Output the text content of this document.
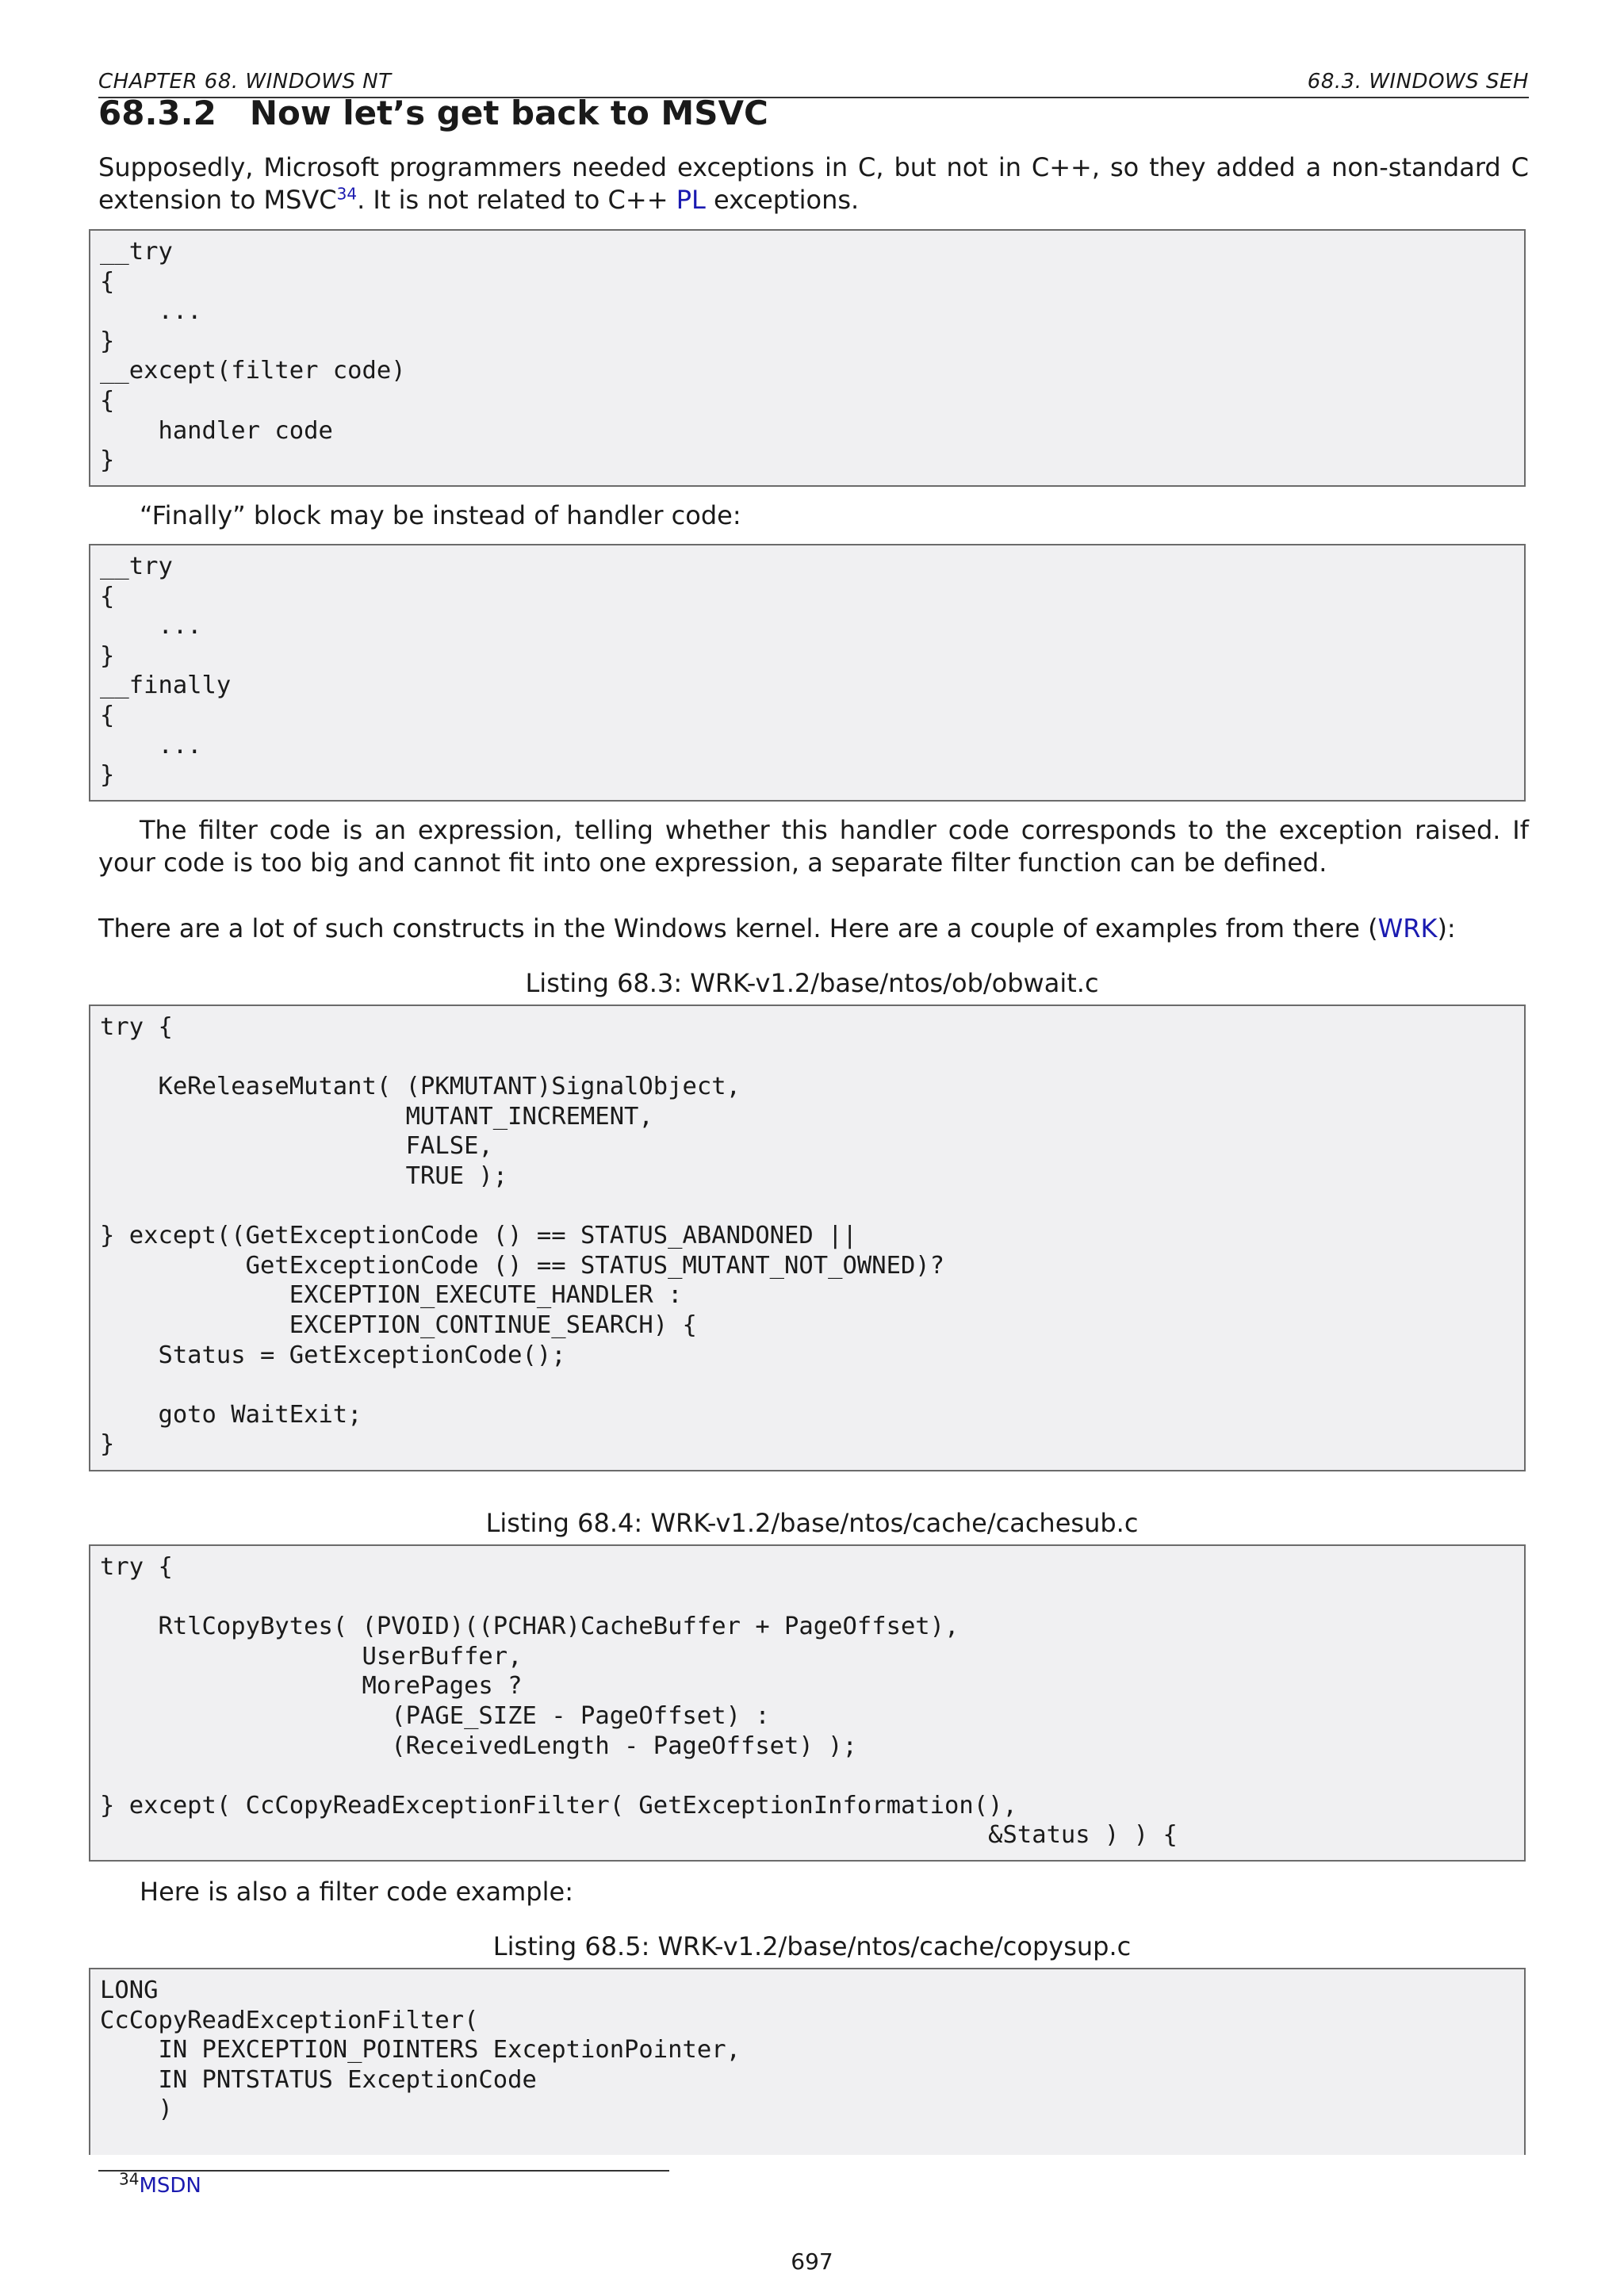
CHAPTER 68. WINDOWS NT	68.3. WINDOWS SEH
68.3.2 Now let’s get back to MSVC
Supposedly, Microsoft programmers needed exceptions in C, but not in C++, so they added a non-standard C extension to MSVC$^{34}$. It is not related to C++ PL exceptions.
__try
{
...
}
__except(filter code)
{
handler code
}
“Finally” block may be instead of handler code:
__try
{
...
}
__finally
{
...
}
The filter code is an expression, telling whether this handler code corresponds to the exception raised. If your code is too big and cannot fit into one expression, a separate filter function can be defined.
There are a lot of such constructs in the Windows kernel. Here are a couple of examples from there (WRK):
Listing 68.3: WRK-v1.2/base/ntos/ob/obwait.c
try {

KeReleaseMutant( (PKMUTANT)SignalObject,
MUTANT_INCREMENT,
FALSE,
TRUE );

} except((GetExceptionCode () == STATUS_ABANDONED ||
GetExceptionCode () == STATUS_MUTANT_NOT_OWNED)?
EXCEPTION_EXECUTE_HANDLER :
EXCEPTION_CONTINUE_SEARCH) {
Status = GetExceptionCode();

goto WaitExit;
}
Listing 68.4: WRK-v1.2/base/ntos/cache/cachesub.c
try {

RtlCopyBytes( (PVOID)((PCHAR)CacheBuffer + PageOffset),
UserBuffer,
MorePages ?
(PAGE_SIZE - PageOffset) :
(ReceivedLength - PageOffset) );

} except( CcCopyReadExceptionFilter( GetExceptionInformation(),
&Status ) ) {
Here is also a filter code example:
Listing 68.5: WRK-v1.2/base/ntos/cache/copysup.c
LONG
CcCopyReadExceptionFilter(
IN PEXCEPTION_POINTERS ExceptionPointer,
IN PNTSTATUS ExceptionCode
)
$^{34}$MSDN
697
